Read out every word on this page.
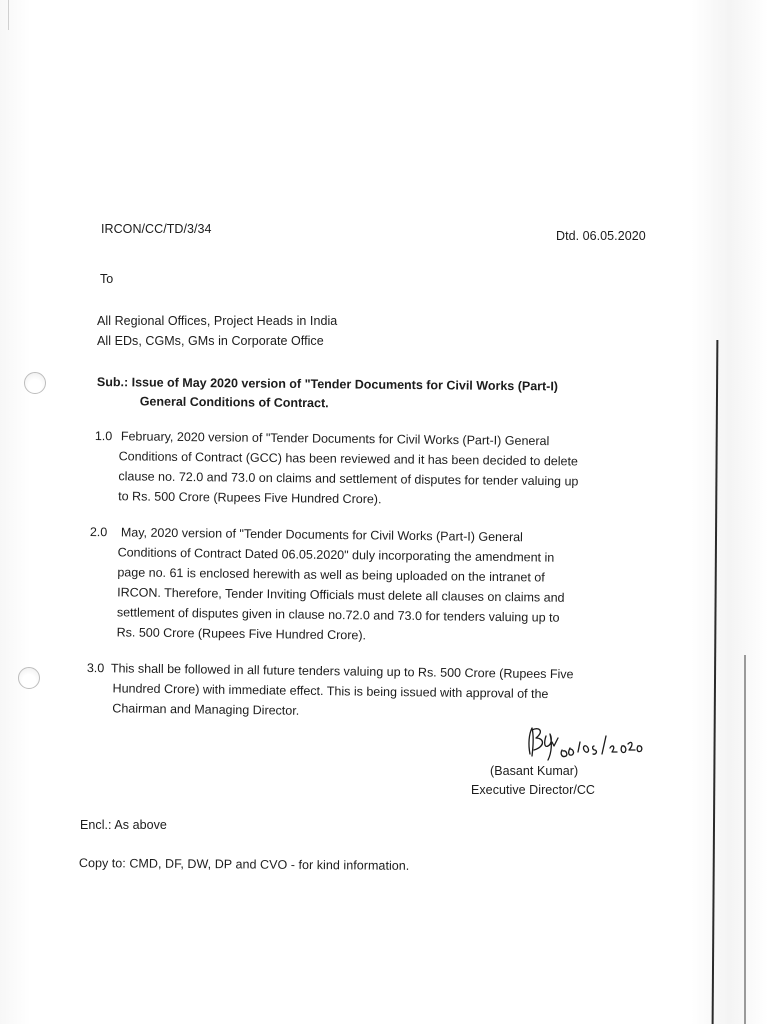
IRCON/CC/TD/3/34	Dtd. 06.05.2020
To
All Regional Offices, Project Heads in India
All EDs, CGMs, GMs in Corporate Office
Sub.: Issue of May 2020 version of "Tender Documents for Civil Works (Part-I)
General Conditions of Contract.
1.0 February, 2020 version of "Tender Documents for Civil Works (Part-I) General
Conditions of Contract (GCC) has been reviewed and it has been decided to delete
clause no. 72.0 and 73.0 on claims and settlement of disputes for tender valuing up
to Rs. 500 Crore (Rupees Five Hundred Crore).
2.0	May, 2020 version of "Tender Documents for Civil Works (Part-I) General
Conditions of Contract Dated 06.05.2020" duly incorporating the amendment in
page no. 61 is enclosed herewith as well as being uploaded on the intranet of
IRCON. Therefore, Tender Inviting Officials must delete all clauses on claims and
settlement of disputes given in clause no.72.0 and 73.0 for tenders valuing up to
Rs. 500 Crore (Rupees Five Hundred Crore).
3.0 This shall be followed in all future tenders valuing up to Rs. 500 Crore (Rupees Five
Hundred Crore) with immediate effect. This is being issued with approval of the
Chairman and Managing Director.
(Basant Kumar)
Executive Director/CC
Encl.: As above
Copy to: CMD, DF, DW, DP and CVO - for kind information.
